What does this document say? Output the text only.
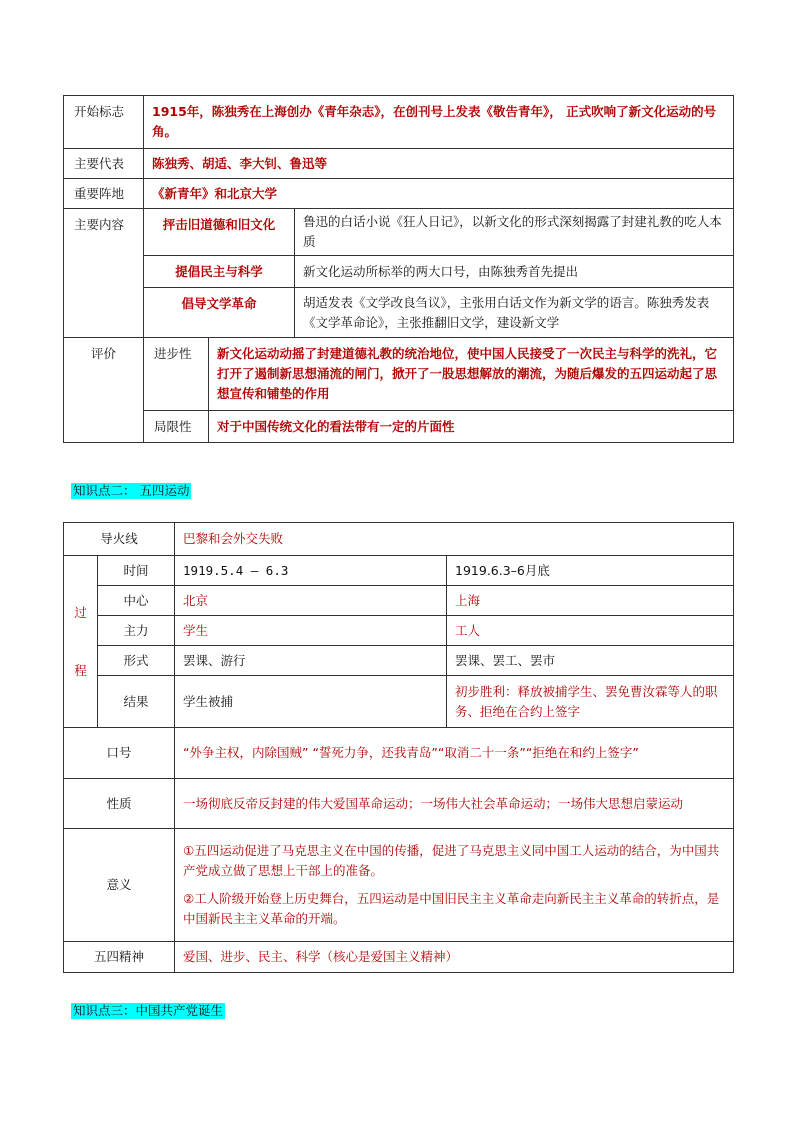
开始标志	1915年，陈独秀在上海创办《青年杂志》，在创刊号上发表《敬告青年》， 正式吹响了新文化运动的号角。		
主要代表	陈独秀、胡适、李大钊、鲁迅等		
重要阵地	《新青年》和北京大学		
主要内容	抨击旧道德和旧文化		鲁迅的白话小说《狂人日记》，以新文化的形式深刻揭露了封建礼教的吃人本质
	提倡民主与科学		新文化运动所标举的两大口号，由陈独秀首先提出
	倡导文学革命		胡适发表《文学改良刍议》，主张用白话文作为新文学的语言。陈独秀发表《文学革命论》，主张推翻旧文学，建设新文学
评价	进步性	新文化运动动摇了封建道德礼教的统治地位，使中国人民接受了一次民主与科学的洗礼，它打开了遏制新思想涌流的闸门，掀开了一股思想解放的潮流，为随后爆发的五四运动起了思想宣传和铺垫的作用	
	局限性	对于中国传统文化的看法带有一定的片面性	
知识点二： 五四运动
导火线		巴黎和会外交失败	

过
程	时间	1919.5.4 – 6.3	1919.6.3–6月底
	中心	北京	上海
	主力	学生	工人
	形式	罢课、游行	罢课、罢工、罢市
	结果	学生被捕	初步胜利：释放被捕学生、罢免曹汝霖等人的职务、拒绝在合约上签字
口号		“外争主权，内除国贼” “誓死力争，还我青岛”“取消二十一条”“拒绝在和约上签字”	
性质		一场彻底反帝反封建的伟大爱国革命运动；一场伟大社会革命运动；一场伟大思想启蒙运动	
意义		①五四运动促进了马克思主义在中国的传播，促进了马克思主义同中国工人运动的结合，为中国共产党成立做了思想上干部上的准备。
②工人阶级开始登上历史舞台，五四运动是中国旧民主主义革命走向新民主主义革命的转折点，是中国新民主主义革命的开端。	

五四精神		爱国、进步、民主、科学（核心是爱国主义精神）	
知识点三：中国共产党诞生
